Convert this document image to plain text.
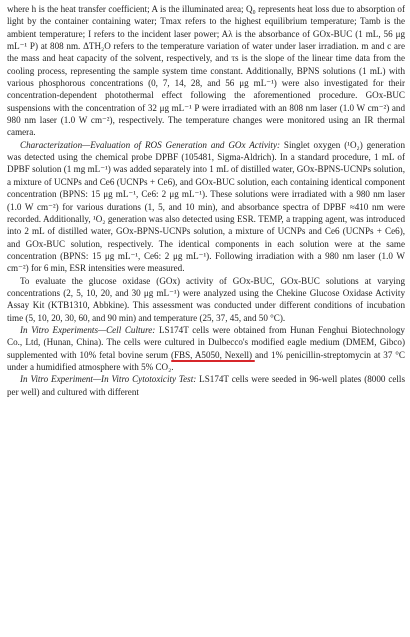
where h is the heat transfer coefficient; A is the illuminated area; Q₀ represents heat loss due to absorption of light by the container containing water; Tmax refers to the highest equilibrium temperature; Tamb is the ambient temperature; I refers to the incident laser power; Aλ is the absorbance of GOx-BUC (1 mL, 56 μg mL⁻¹ P) at 808 nm. ΔTH₂O refers to the temperature variation of water under laser irradiation. m and c are the mass and heat capacity of the solvent, respectively, and τs is the slope of the linear time data from the cooling process, representing the sample system time constant. Additionally, BPNS solutions (1 mL) with various phosphorous concentrations (0, 7, 14, 28, and 56 μg mL⁻¹) were also investigated for their concentration-dependent photothermal effect following the aforementioned procedure. GOx-BUC suspensions with the concentration of 32 μg mL⁻¹ P were irradiated with an 808 nm laser (1.0 W cm⁻²) and 980 nm laser (1.0 W cm⁻²), respectively. The temperature changes were monitored using an IR thermal camera.

Characterization—Evaluation of ROS Generation and GOx Activity: Singlet oxygen (¹O₂) generation was detected using the chemical probe DPBF (105481, Sigma-Aldrich). In a standard procedure, 1 mL of DPBF solution (1 mg mL⁻¹) was added separately into 1 mL of distilled water, GOx-BPNS-UCNPs solution, a mixture of UCNPs and Ce6 (UCNPs + Ce6), and GOx-BUC solution, each containing identical component concentration (BPNS: 15 μg mL⁻¹, Ce6: 2 μg mL⁻¹). These solutions were irradiated with a 980 nm laser (1.0 W cm⁻²) for various durations (1, 5, and 10 min), and absorbance spectra of DPBF ≈410 nm were recorded. Additionally, ¹O₂ generation was also detected using ESR. TEMP, a trapping agent, was introduced into 2 mL of distilled water, GOx-BPNS-UCNPs solution, a mixture of UCNPs and Ce6 (UCNPs + Ce6), and GOx-BUC solution, respectively. The identical components in each solution were at the same concentration (BPNS: 15 μg mL⁻¹, Ce6: 2 μg mL⁻¹). Following irradiation with a 980 nm laser (1.0 W cm⁻²) for 6 min, ESR intensities were measured.

To evaluate the glucose oxidase (GOx) activity of GOx-BUC, GOx-BUC solutions at varying concentrations (2, 5, 10, 20, and 30 μg mL⁻¹) were analyzed using the Chekine Glucose Oxidase Activity Assay Kit (KTB1310, Abbkine). This assessment was conducted under different conditions of incubation time (5, 10, 20, 30, 60, and 90 min) and temperature (25, 37, 45, and 50 °C).

In Vitro Experiments—Cell Culture: LS174T cells were obtained from Hunan Fenghui Biotechnology Co., Ltd, (Hunan, China). The cells were cultured in Dulbecco's modified eagle medium (DMEM, Gibco) supplemented with 10% fetal bovine serum (FBS, A5050, Nexell)
and 1% penicillin-streptomycin at 37 °C under a humidified atmosphere with 5% CO₂.

In Vitro Experiment—In Vitro Cytotoxicity Test: LS174T cells were seeded in 96-well plates (8000 cells per well) and cultured with different
